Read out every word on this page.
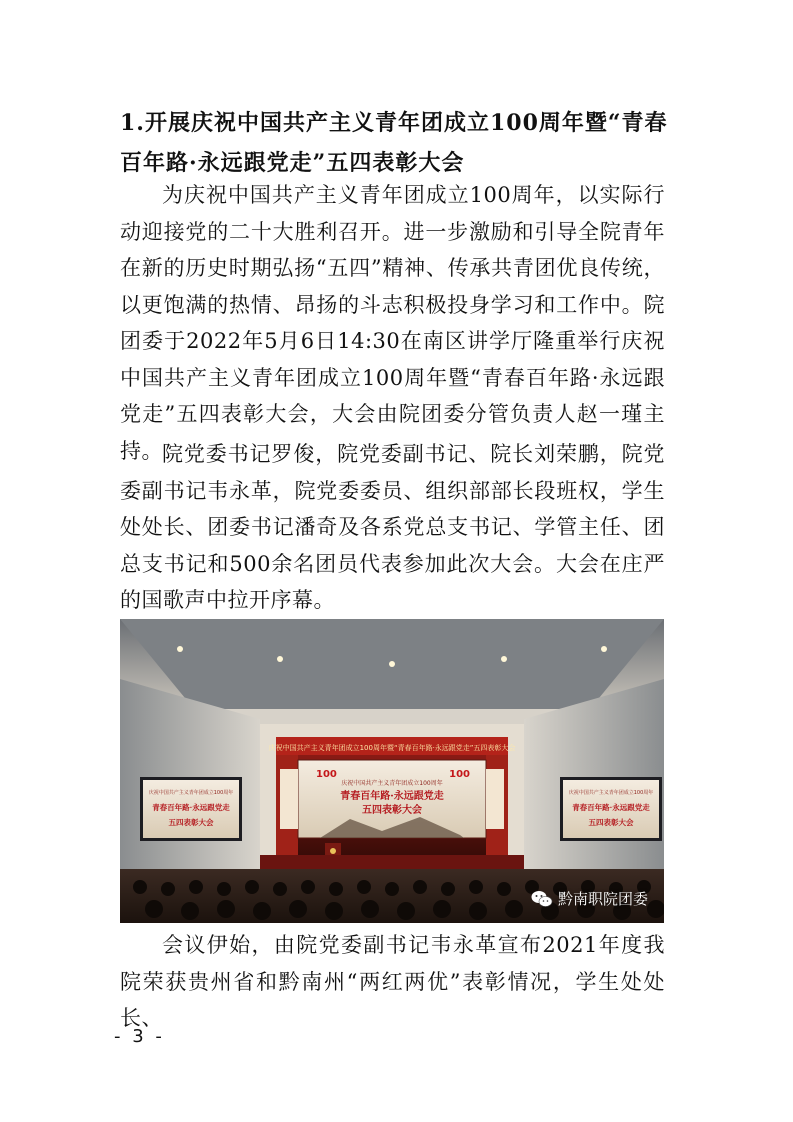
1.开展庆祝中国共产主义青年团成立100周年暨“青春百年路·永远跟党走”五四表彰大会
为庆祝中国共产主义青年团成立100周年，以实际行动迎接党的二十大胜利召开。进一步激励和引导全院青年在新的历史时期弘扬“五四”精神、传承共青团优良传统，以更饱满的热情、昂扬的斗志积极投身学习和工作中。院团委于2022年5月6日14:30在南区讲学厅隆重举行庆祝中国共产主义青年团成立100周年暨“青春百年路·永远跟党走”五四表彰大会，大会由院团委分管负责人赵一瑾主持。 院党委书记罗俊，院党委副书记、院长刘荣鹏，院党委副书记韦永革，院党委委员、组织部部长段班权，学生处处长、团委书记潘奇及各系党总支书记、学管主任、团总支书记和500余名团员代表参加此次大会。大会在庄严的国歌声中拉开序幕。
庆祝中国共产主义青年团成立100周年暨“青春百年路·永远跟党走”五四表彰大会
100	100
庆祝中国共产主义青年团成立100周年
青春百年路·永远跟党走
五四表彰大会
庆祝中国共产主义青年团成立100周年
青春百年路·永远跟党走
五四表彰大会
庆祝中国共产主义青年团成立100周年
青春百年路·永远跟党走
五四表彰大会
黔南职院团委
会议伊始，由院党委副书记韦永革宣布2021年度我院荣获贵州省和黔南州“两红两优”表彰情况，学生处处长、
- 3 -
